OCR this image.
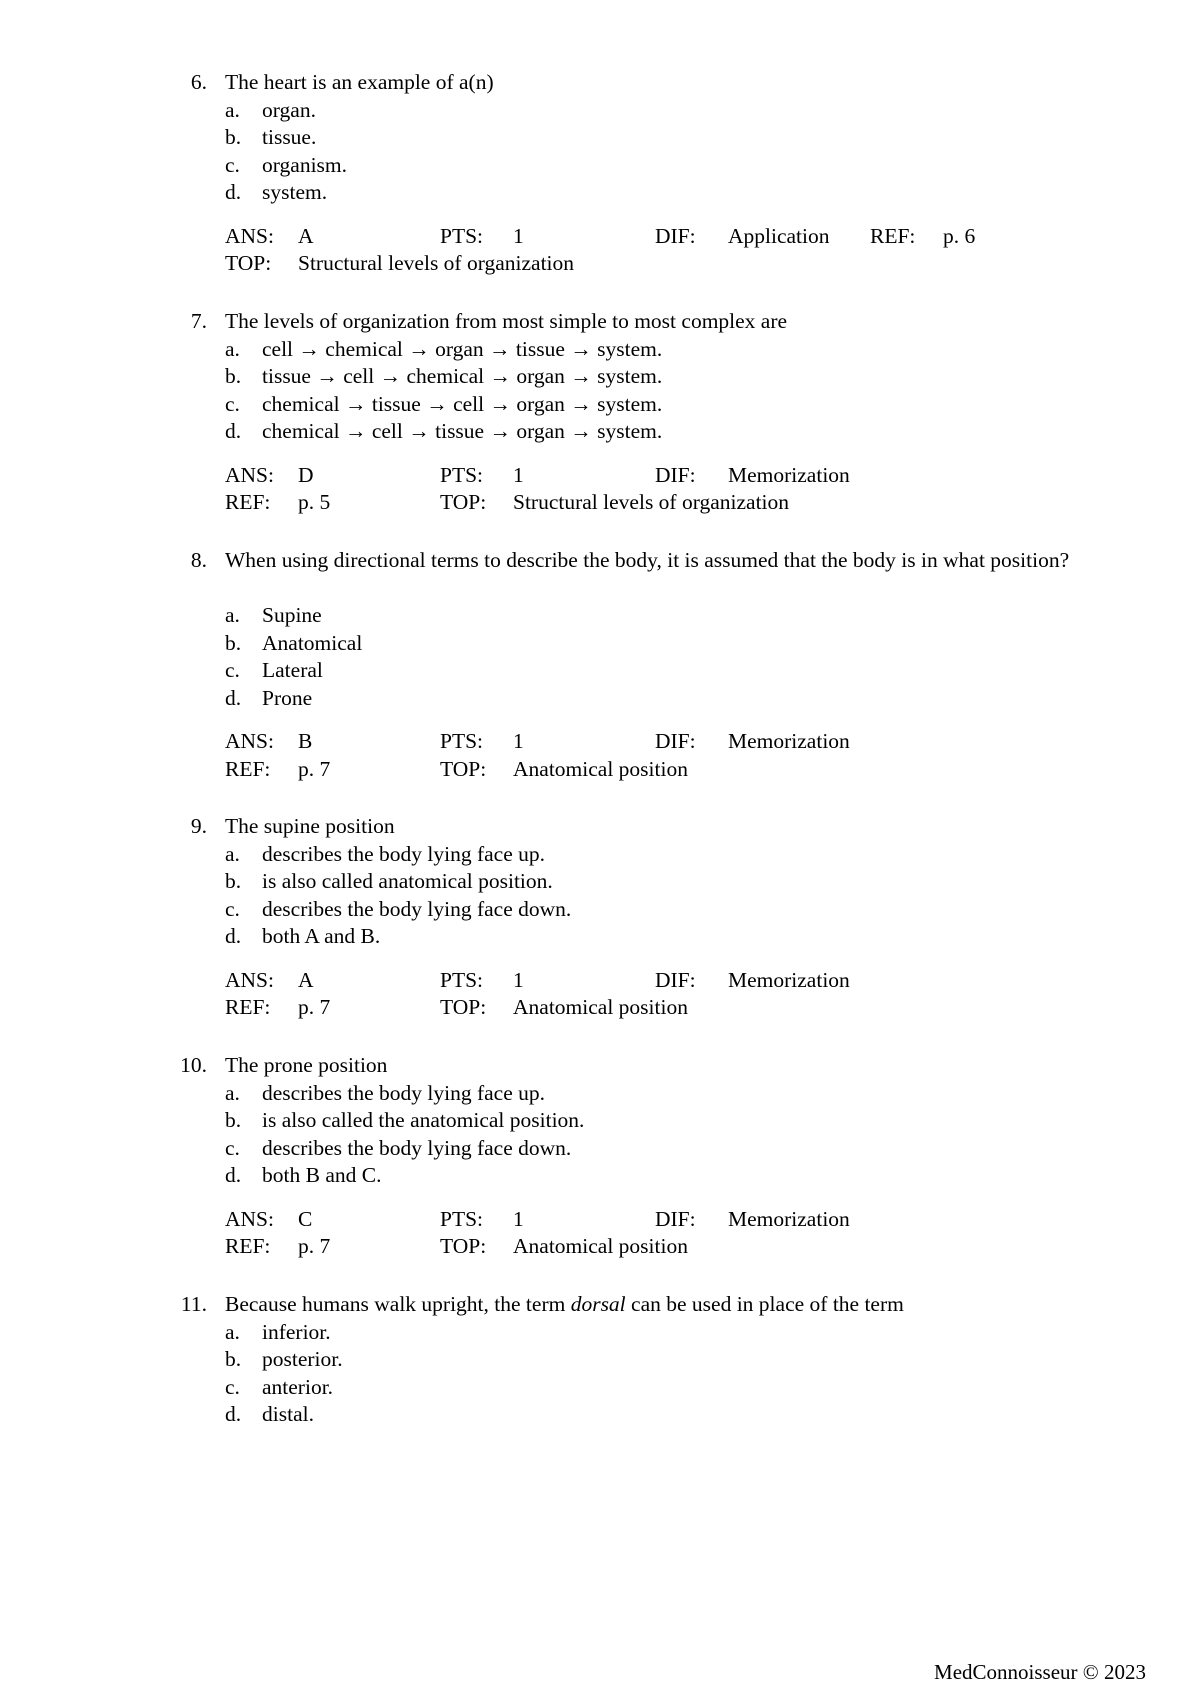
6. The heart is an example of a(n)
a. organ.
b. tissue.
c. organism.
d. system.
ANS: A	PTS: 1	DIF: Application REF: p. 6
TOP: Structural levels of organization
7. The levels of organization from most simple to most complex are
a. cell → chemical → organ → tissue → system.
b. tissue → cell → chemical → organ → system.
c. chemical → tissue → cell → organ → system.
d. chemical → cell → tissue → organ → system.
ANS: D	PTS: 1	DIF: Memorization
REF: p. 5	TOP: Structural levels of organization
8. When using directional terms to describe the body, it is assumed that the body is in what position?
a. Supine
b. Anatomical
c. Lateral
d. Prone
ANS: B	PTS: 1	DIF: Memorization
REF: p. 7	TOP: Anatomical position
9. The supine position
a. describes the body lying face up.
b. is also called anatomical position.
c. describes the body lying face down.
d. both A and B.
ANS: A	PTS: 1	DIF: Memorization
REF: p. 7	TOP: Anatomical position
10. The prone position
a. describes the body lying face up.
b. is also called the anatomical position.
c. describes the body lying face down.
d. both B and C.
ANS: C	PTS: 1	DIF: Memorization
REF: p. 7	TOP: Anatomical position
11. Because humans walk upright, the term dorsal can be used in place of the term
a. inferior.
b. posterior.
c. anterior.
d. distal.
MedConnoisseur © 2023
